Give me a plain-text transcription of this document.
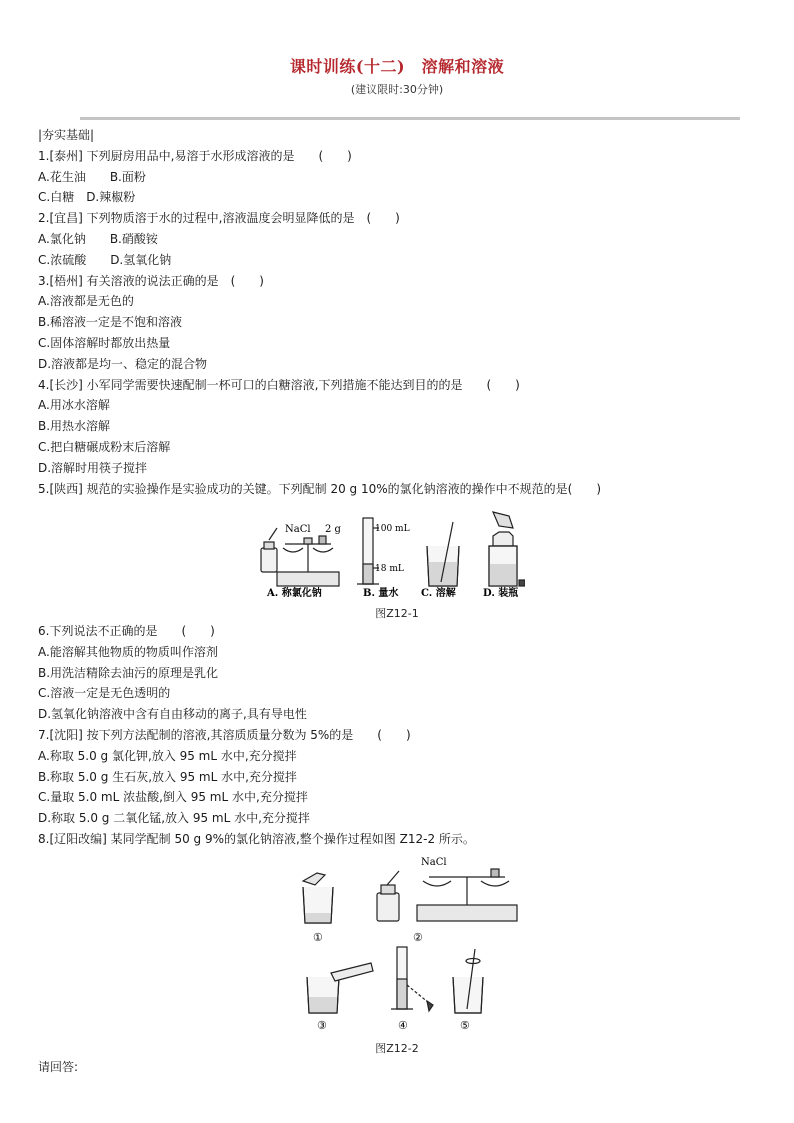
课时训练(十二)　溶解和溶液
(建议限时:30分钟)
|夯实基础|
1.[泰州] 下列厨房用品中,易溶于水形成溶液的是　　(　　)
A.花生油　　B.面粉
C.白糖　D.辣椒粉
2.[宜昌] 下列物质溶于水的过程中,溶液温度会明显降低的是　(　　)
A.氯化钠　　B.硝酸铵
C.浓硫酸　　D.氢氧化钠
3.[梧州] 有关溶液的说法正确的是　(　　)
A.溶液都是无色的
B.稀溶液一定是不饱和溶液
C.固体溶解时都放出热量
D.溶液都是均一、稳定的混合物
4.[长沙] 小军同学需要快速配制一杯可口的白糖溶液,下列措施不能达到目的的是　　(　　)
A.用冰水溶解
B.用热水溶解
C.把白糖碾成粉末后溶解
D.溶解时用筷子搅拌
5.[陕西] 规范的实验操作是实验成功的关键。下列配制 20 g 10%的氯化钠溶液的操作中不规范的是(　　)
NaCl 2 g	100 mL
18 mL
A. 称氯化钠	B. 量水 C. 溶解	D. 装瓶
图Z12-1
6.下列说法不正确的是　　(　　)
A.能溶解其他物质的物质叫作溶剂
B.用洗洁精除去油污的原理是乳化
C.溶液一定是无色透明的
D.氢氧化钠溶液中含有自由移动的离子,具有导电性
7.[沈阳] 按下列方法配制的溶液,其溶质质量分数为 5%的是　　(　　)
A.称取 5.0 g 氯化钾,放入 95 mL 水中,充分搅拌
B.称取 5.0 g 生石灰,放入 95 mL 水中,充分搅拌
C.量取 5.0 mL 浓盐酸,倒入 95 mL 水中,充分搅拌
D.称取 5.0 g 二氧化锰,放入 95 mL 水中,充分搅拌
8.[辽阳改编] 某同学配制 50 g 9%的氯化钠溶液,整个操作过程如图 Z12-2 所示。
NaCl
①	②
③	④	⑤
图Z12-2
请回答:
